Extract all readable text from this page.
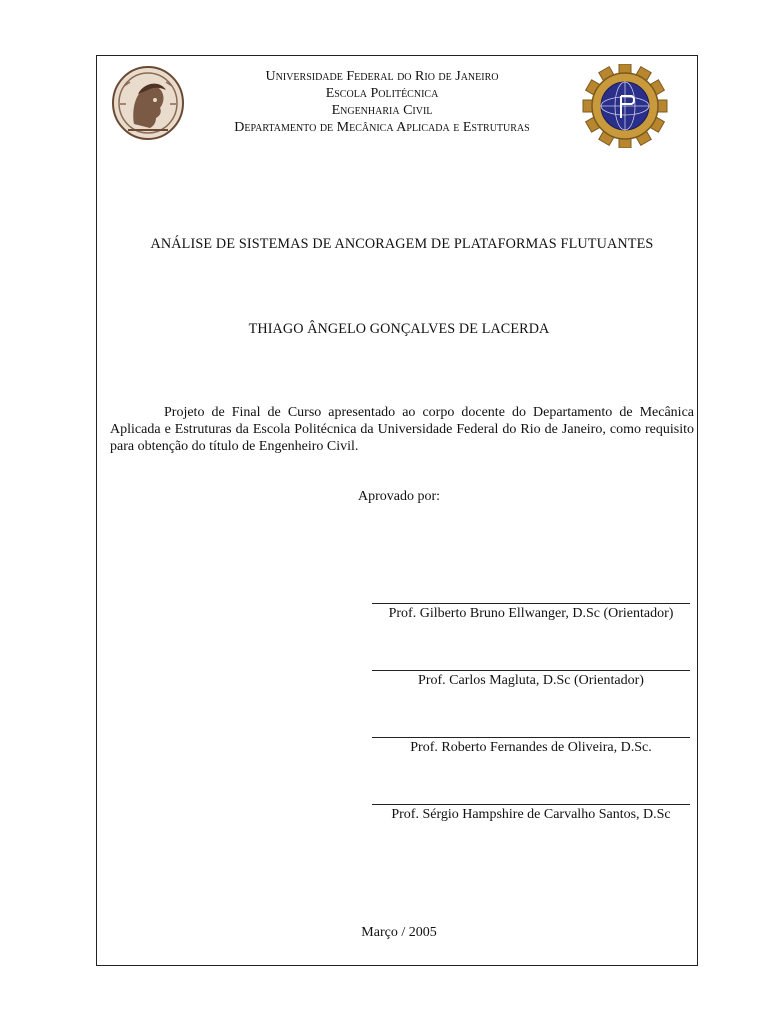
Universidade Federal do Rio de Janeiro
Escola Politécnica
Engenharia Civil
Departamento de Mecânica Aplicada e Estruturas
ANÁLISE DE SISTEMAS DE ANCORAGEM DE PLATAFORMAS FLUTUANTES
THIAGO ÂNGELO GONÇALVES DE LACERDA
Projeto de Final de Curso apresentado ao corpo docente do Departamento de Mecânica Aplicada e Estruturas da Escola Politécnica da Universidade Federal do Rio de Janeiro, como requisito para obtenção do título de Engenheiro Civil.
Aprovado por:
Prof. Gilberto Bruno Ellwanger, D.Sc (Orientador)
Prof. Carlos Magluta, D.Sc (Orientador)
Prof. Roberto Fernandes de Oliveira, D.Sc.
Prof. Sérgio Hampshire de Carvalho Santos, D.Sc
Março / 2005
